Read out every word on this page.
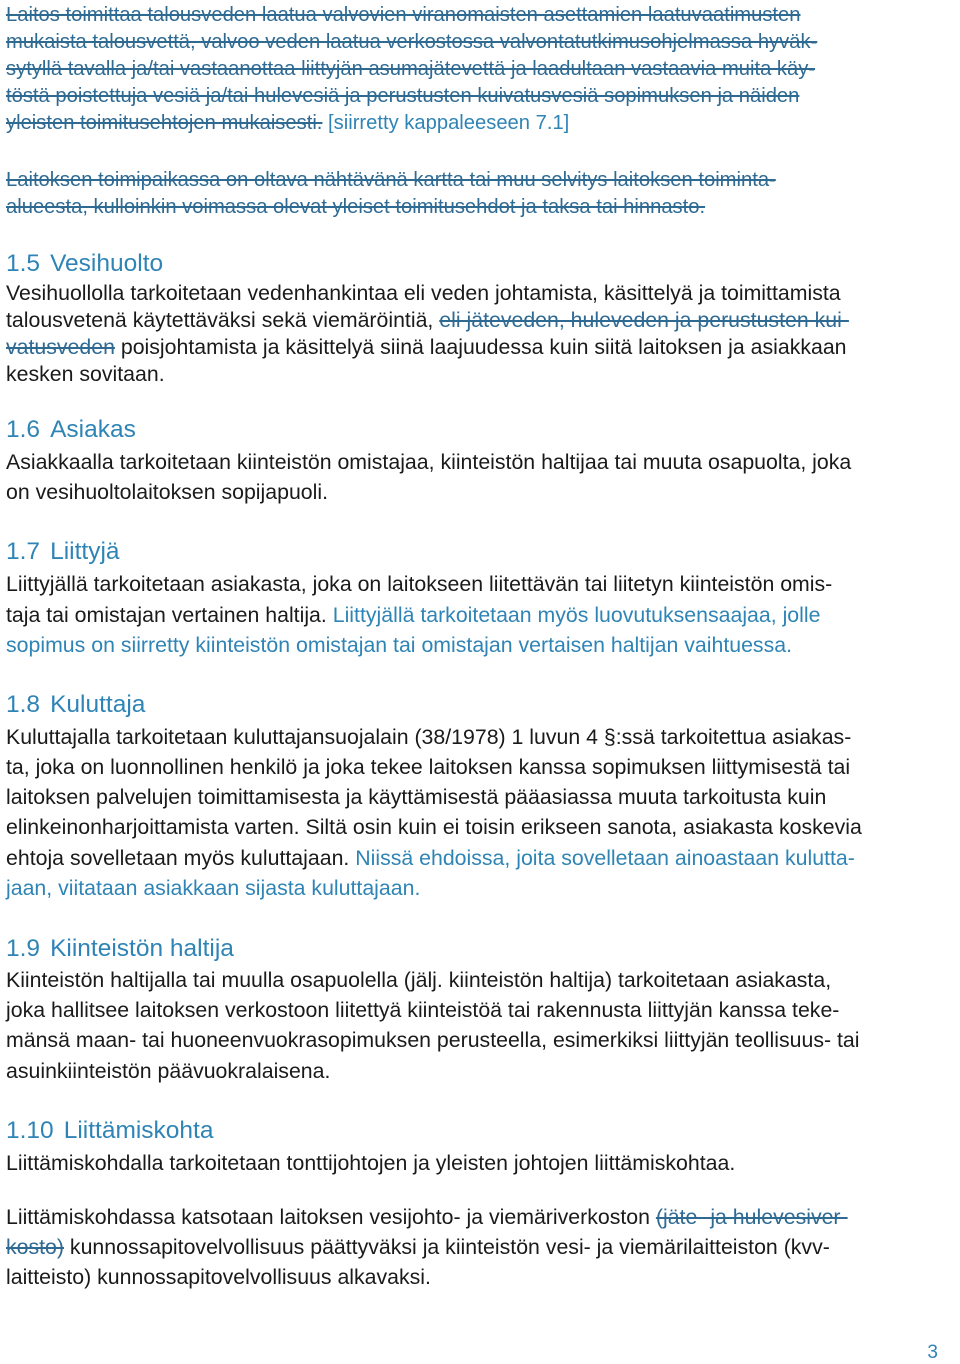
Laitos toimittaa talousveden laatua valvovien viranomaisten asettamien laatuvaatimusten
mukaista talousvettä, valvoo veden laatua verkostossa valvontatutkimusohjelmassa hyväk-
sytyllä tavalla ja/tai vastaanottaa liittyjän asumajätevettä ja laadultaan vastaavia muita käy-
töstä poistettuja vesiä ja/tai hulevesiä ja perustusten kuivatusvesiä sopimuksen ja näiden
yleisten toimitusehtojen mukaisesti. [siirretty kappaleeseen 7.1]
Laitoksen toimipaikassa on oltava nähtävänä kartta tai muu selvitys laitoksen toiminta-
alueesta, kulloinkin voimassa olevat yleiset toimitusehdot ja taksa tai hinnasto.
1.5 Vesihuolto
Vesihuollolla tarkoitetaan vedenhankintaa eli veden johtamista, käsittelyä ja toimittamista
talousvetenä käytettäväksi sekä viemäröintiä, eli jäteveden, huleveden ja perustusten kui-
vatusveden poisjohtamista ja käsittelyä siinä laajuudessa kuin siitä laitoksen ja asiakkaan
kesken sovitaan.
1.6 Asiakas
Asiakkaalla tarkoitetaan kiinteistön omistajaa, kiinteistön haltijaa tai muuta osapuolta, joka
on vesihuoltolaitoksen sopijapuoli.
1.7 Liittyjä
Liittyjällä tarkoitetaan asiakasta, joka on laitokseen liitettävän tai liitetyn kiinteistön omis-
taja tai omistajan vertainen haltija. Liittyjällä tarkoitetaan myös luovutuksensaajaa, jolle
sopimus on siirretty kiinteistön omistajan tai omistajan vertaisen haltijan vaihtuessa.
1.8 Kuluttaja
Kuluttajalla tarkoitetaan kuluttajansuojalain (38/1978) 1 luvun 4 §:ssä tarkoitettua asiakas-
ta, joka on luonnollinen henkilö ja joka tekee laitoksen kanssa sopimuksen liittymisestä tai
laitoksen palvelujen toimittamisesta ja käyttämisestä pääasiassa muuta tarkoitusta kuin
elinkeinonharjoittamista varten. Siltä osin kuin ei toisin erikseen sanota, asiakasta koskevia
ehtoja sovelletaan myös kuluttajaan. Niissä ehdoissa, joita sovelletaan ainoastaan kulutta-
jaan, viitataan asiakkaan sijasta kuluttajaan.
1.9 Kiinteistön haltija
Kiinteistön haltijalla tai muulla osapuolella (jälj. kiinteistön haltija) tarkoitetaan asiakasta,
joka hallitsee laitoksen verkostoon liitettyä kiinteistöä tai rakennusta liittyjän kanssa teke-
mänsä maan- tai huoneenvuokrasopimuksen perusteella, esimerkiksi liittyjän teollisuus- tai
asuinkiinteistön päävuokralaisena.
1.10 Liittämiskohta
Liittämiskohdalla tarkoitetaan tonttijohtojen ja yleisten johtojen liittämiskohtaa.
Liittämiskohdassa katsotaan laitoksen vesijohto- ja viemäriverkoston (jäte- ja hulevesiver-
kosto) kunnossapitovelvollisuus päättyväksi ja kiinteistön vesi- ja viemärilaitteiston (kvv-
laitteisto) kunnossapitovelvollisuus alkavaksi.
3
